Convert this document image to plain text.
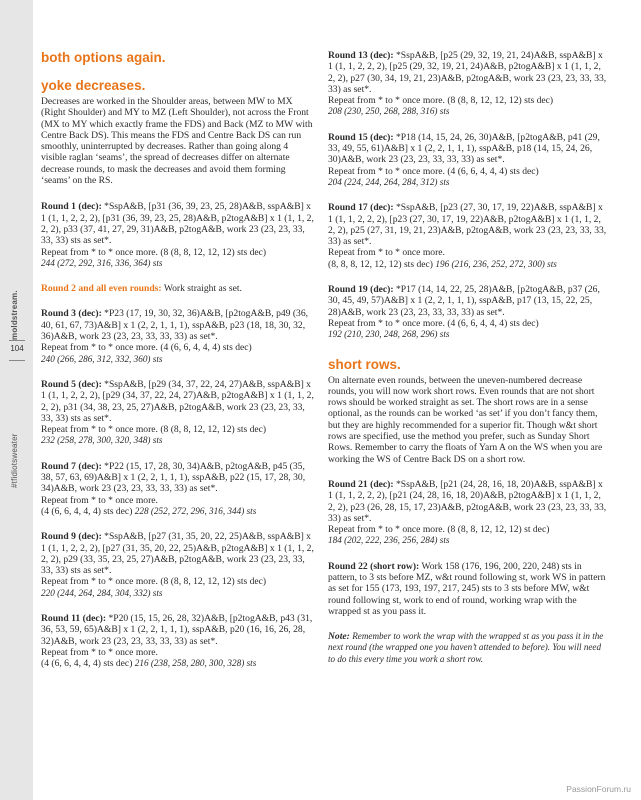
moldstream.
104
#tfidiotsweater
both options again.
yoke decreases.

Decreases are worked in the Shoulder areas, between MW to MX (Right Shoulder) and MY to MZ (Left Shoulder), not across the Front (MX to MY which exactly frame the FDS) and Back (MZ to MW with Centre Back DS). This means the FDS and Centre Back DS can run smoothly, uninterrupted by decreases. Rather than going along 4 visible raglan ‘seams’, the spread of decreases differ on alternate decrease rounds, to mask the decreases and avoid them forming ‘seams’ on the RS.

Round 1 (dec): *SspA&B, [p31 (36, 39, 23, 25, 28)A&B, sspA&B] x 1 (1, 1, 2, 2, 2), [p31 (36, 39, 23, 25, 28)A&B, p2togA&B] x 1 (1, 1, 2, 2, 2), p33 (37, 41, 27, 29, 31)A&B, p2togA&B, work 23 (23, 23, 33, 33, 33) sts as set*.

Repeat from * to * once more. (8 (8, 8, 12, 12, 12) sts dec)

244 (272, 292, 316, 336, 364) sts

Round 2 and all even rounds: Work straight as set.

Round 3 (dec): *P23 (17, 19, 30, 32, 36)A&B, [p2togA&B, p49 (36, 40, 61, 67, 73)A&B] x 1 (2, 2, 1, 1, 1), sspA&B, p23 (18, 18, 30, 32, 36)A&B, work 23 (23, 23, 33, 33, 33) as set*.

Repeat from * to * once more. (4 (6, 6, 4, 4, 4) sts dec)

240 (266, 286, 312, 332, 360) sts

Round 5 (dec): *SspA&B, [p29 (34, 37, 22, 24, 27)A&B, sspA&B] x 1 (1, 1, 2, 2, 2), [p29 (34, 37, 22, 24, 27)A&B, p2togA&B] x 1 (1, 1, 2, 2, 2), p31 (34, 38, 23, 25, 27)A&B, p2togA&B, work 23 (23, 23, 33, 33, 33) sts as set*.

Repeat from * to * once more. (8 (8, 8, 12, 12, 12) sts dec)

232 (258, 278, 300, 320, 348) sts

Round 7 (dec): *P22 (15, 17, 28, 30, 34)A&B, p2togA&B, p45 (35, 38, 57, 63, 69)A&B] x 1 (2, 2, 1, 1, 1), sspA&B, p22 (15, 17, 28, 30, 34)A&B, work 23 (23, 23, 33, 33, 33) as set*.

Repeat from * to * once more.

(4 (6, 6, 4, 4, 4) sts dec) 228 (252, 272, 296, 316, 344) sts

Round 9 (dec): *SspA&B, [p27 (31, 35, 20, 22, 25)A&B, sspA&B] x 1 (1, 1, 2, 2, 2), [p27 (31, 35, 20, 22, 25)A&B, p2togA&B] x 1 (1, 1, 2, 2, 2), p29 (33, 35, 23, 25, 27)A&B, p2togA&B, work 23 (23, 23, 33, 33, 33) sts as set*.

Repeat from * to * once more. (8 (8, 8, 12, 12, 12) sts dec)

220 (244, 264, 284, 304, 332) sts

Round 11 (dec): *P20 (15, 15, 26, 28, 32)A&B, [p2togA&B, p43 (31, 36, 53, 59, 65)A&B] x 1 (2, 2, 1, 1, 1), sspA&B, p20 (16, 16, 26, 28, 32)A&B, work 23 (23, 23, 33, 33, 33) as set*.

Repeat from * to * once more.

(4 (6, 6, 4, 4, 4) sts dec) 216 (238, 258, 280, 300, 328) sts

Round 13 (dec): *SspA&B, [p25 (29, 32, 19, 21, 24)A&B, sspA&B] x 1 (1, 1, 2, 2, 2), [p25 (29, 32, 19, 21, 24)A&B, p2togA&B] x 1 (1, 1, 2, 2, 2), p27 (30, 34, 19, 21, 23)A&B, p2togA&B, work 23 (23, 23, 33, 33, 33) as set*.

Repeat from * to * once more. (8 (8, 8, 12, 12, 12) sts dec)

208 (230, 250, 268, 288, 316) sts

Round 15 (dec): *P18 (14, 15, 24, 26, 30)A&B, [p2togA&B, p41 (29, 33, 49, 55, 61)A&B] x 1 (2, 2, 1, 1, 1), sspA&B, p18 (14, 15, 24, 26, 30)A&B, work 23 (23, 23, 33, 33, 33) as set*.

Repeat from * to * once more. (4 (6, 6, 4, 4, 4) sts dec)

204 (224, 244, 264, 284, 312) sts

Round 17 (dec): *SspA&B, [p23 (27, 30, 17, 19, 22)A&B, sspA&B] x 1 (1, 1, 2, 2, 2), [p23 (27, 30, 17, 19, 22)A&B, p2togA&B] x 1 (1, 1, 2, 2, 2), p25 (27, 31, 19, 21, 23)A&B, p2togA&B, work 23 (23, 23, 33, 33, 33) as set*.

Repeat from * to * once more.

(8, 8, 8, 12, 12, 12) sts dec) 196 (216, 236, 252, 272, 300) sts

Round 19 (dec): *P17 (14, 14, 22, 25, 28)A&B, [p2togA&B, p37 (26, 30, 45, 49, 57)A&B] x 1 (2, 2, 1, 1, 1), sspA&B, p17 (13, 15, 22, 25, 28)A&B, work 23 (23, 23, 33, 33, 33) as set*.

Repeat from * to * once more. (4 (6, 6, 4, 4, 4) sts dec)

192 (210, 230, 248, 268, 296) sts

short rows.

On alternate even rounds, between the uneven-numbered decrease rounds, you will now work short rows. Even rounds that are not short rows should be worked straight as set. The short rows are in a sense optional, as the rounds can be worked ‘as set’ if you don’t fancy them, but they are highly recommended for a superior fit. Though w&t short rows are specified, use the method you prefer, such as Sunday Short Rows. Remember to carry the floats of Yarn A on the WS when you are working the WS of Centre Back DS on a short row.

Round 21 (dec): *SspA&B, [p21 (24, 28, 16, 18, 20)A&B, sspA&B] x 1 (1, 1, 2, 2, 2), [p21 (24, 28, 16, 18, 20)A&B, p2togA&B] x 1 (1, 1, 2, 2, 2), p23 (26, 28, 15, 17, 23)A&B, p2togA&B, work 23 (23, 23, 33, 33, 33) as set*.

Repeat from * to * once more. (8 (8, 8, 12, 12, 12) st dec)

184 (202, 222, 236, 256, 284) sts

Round 22 (short row): Work 158 (176, 196, 200, 220, 248) sts in pattern, to 3 sts before MZ, w&t round following st, work WS in pattern as set for 155 (173, 193, 197, 217, 245) sts to 3 sts before MW, w&t round following st, work to end of round, working wrap with the wrapped st as you pass it.

Note: Remember to work the wrap with the wrapped st as you pass it in the next round (the wrapped one you haven’t attended to before). You will need to do this every time you work a short row.

PassionForum.ru
